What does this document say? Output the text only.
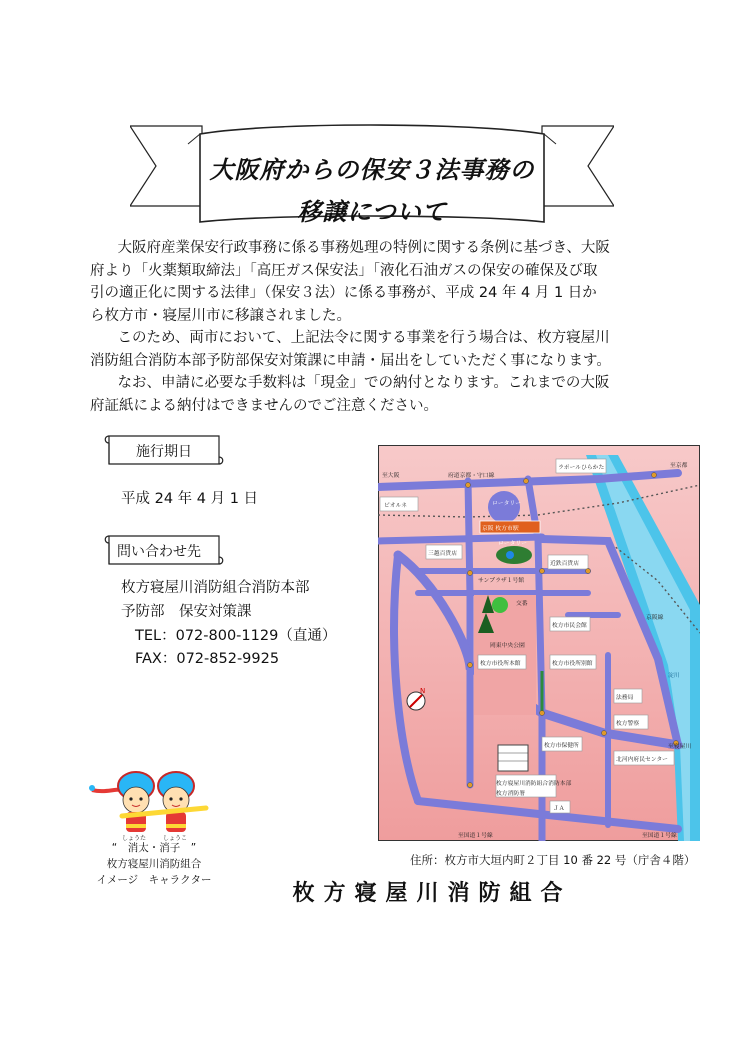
大阪府からの保安３法事務の
移譲について

大阪府産業保安行政事務に係る事務処理の特例に関する条例に基づき、大阪

府より「火薬類取締法」「高圧ガス保安法」「液化石油ガスの保安の確保及び取
引の適正化に関する法律」（保安３法）に係る事務が、平成 24 年 4 月 1 日か
ら枚方市・寝屋川市に移譲されました。

このため、両市において、上記法令に関する事業を行う場合は、枚方寝屋川

消防組合消防本部予防部保安対策課に申請・届出をしていただく事になります。

なお、申請に必要な手数料は「現金」での納付となります。これまでの大阪

府証紙による納付はできませんのでご注意ください。
施行期日
平成 24 年 4 月 1 日
問い合わせ先
枚方寝屋川消防組合消防本部
予防部　保安対策課
TEL：072-800-1129（直通）
FAX：072-852-9925
N
至大阪	府道京都・守口線
ラポールひらかた	至京都
ビオルネ	ロータリー
京阪 枚方市駅
ロータリー
三越百貨店
近鉄百貨店
サンプラザ１号館
交番
岡東中央公園
枚方市民会館
枚方市役所別館
枚方市役所本館
法務局
枚方警察
枚方市保健所
北河内府民センター
枚方寝屋川消防組合消防本部
枚方消防署
ＪＡ
至国道１号線	至国道１号線
至寝屋川
京阪線
淀川
しょうた	しょうこ
“　消太・消子　”
枚方寝屋川消防組合
イメージ　キャラクター
住所：枚方市大垣内町２丁目 10 番 22 号（庁舎４階）
枚方寝屋川消防組合
